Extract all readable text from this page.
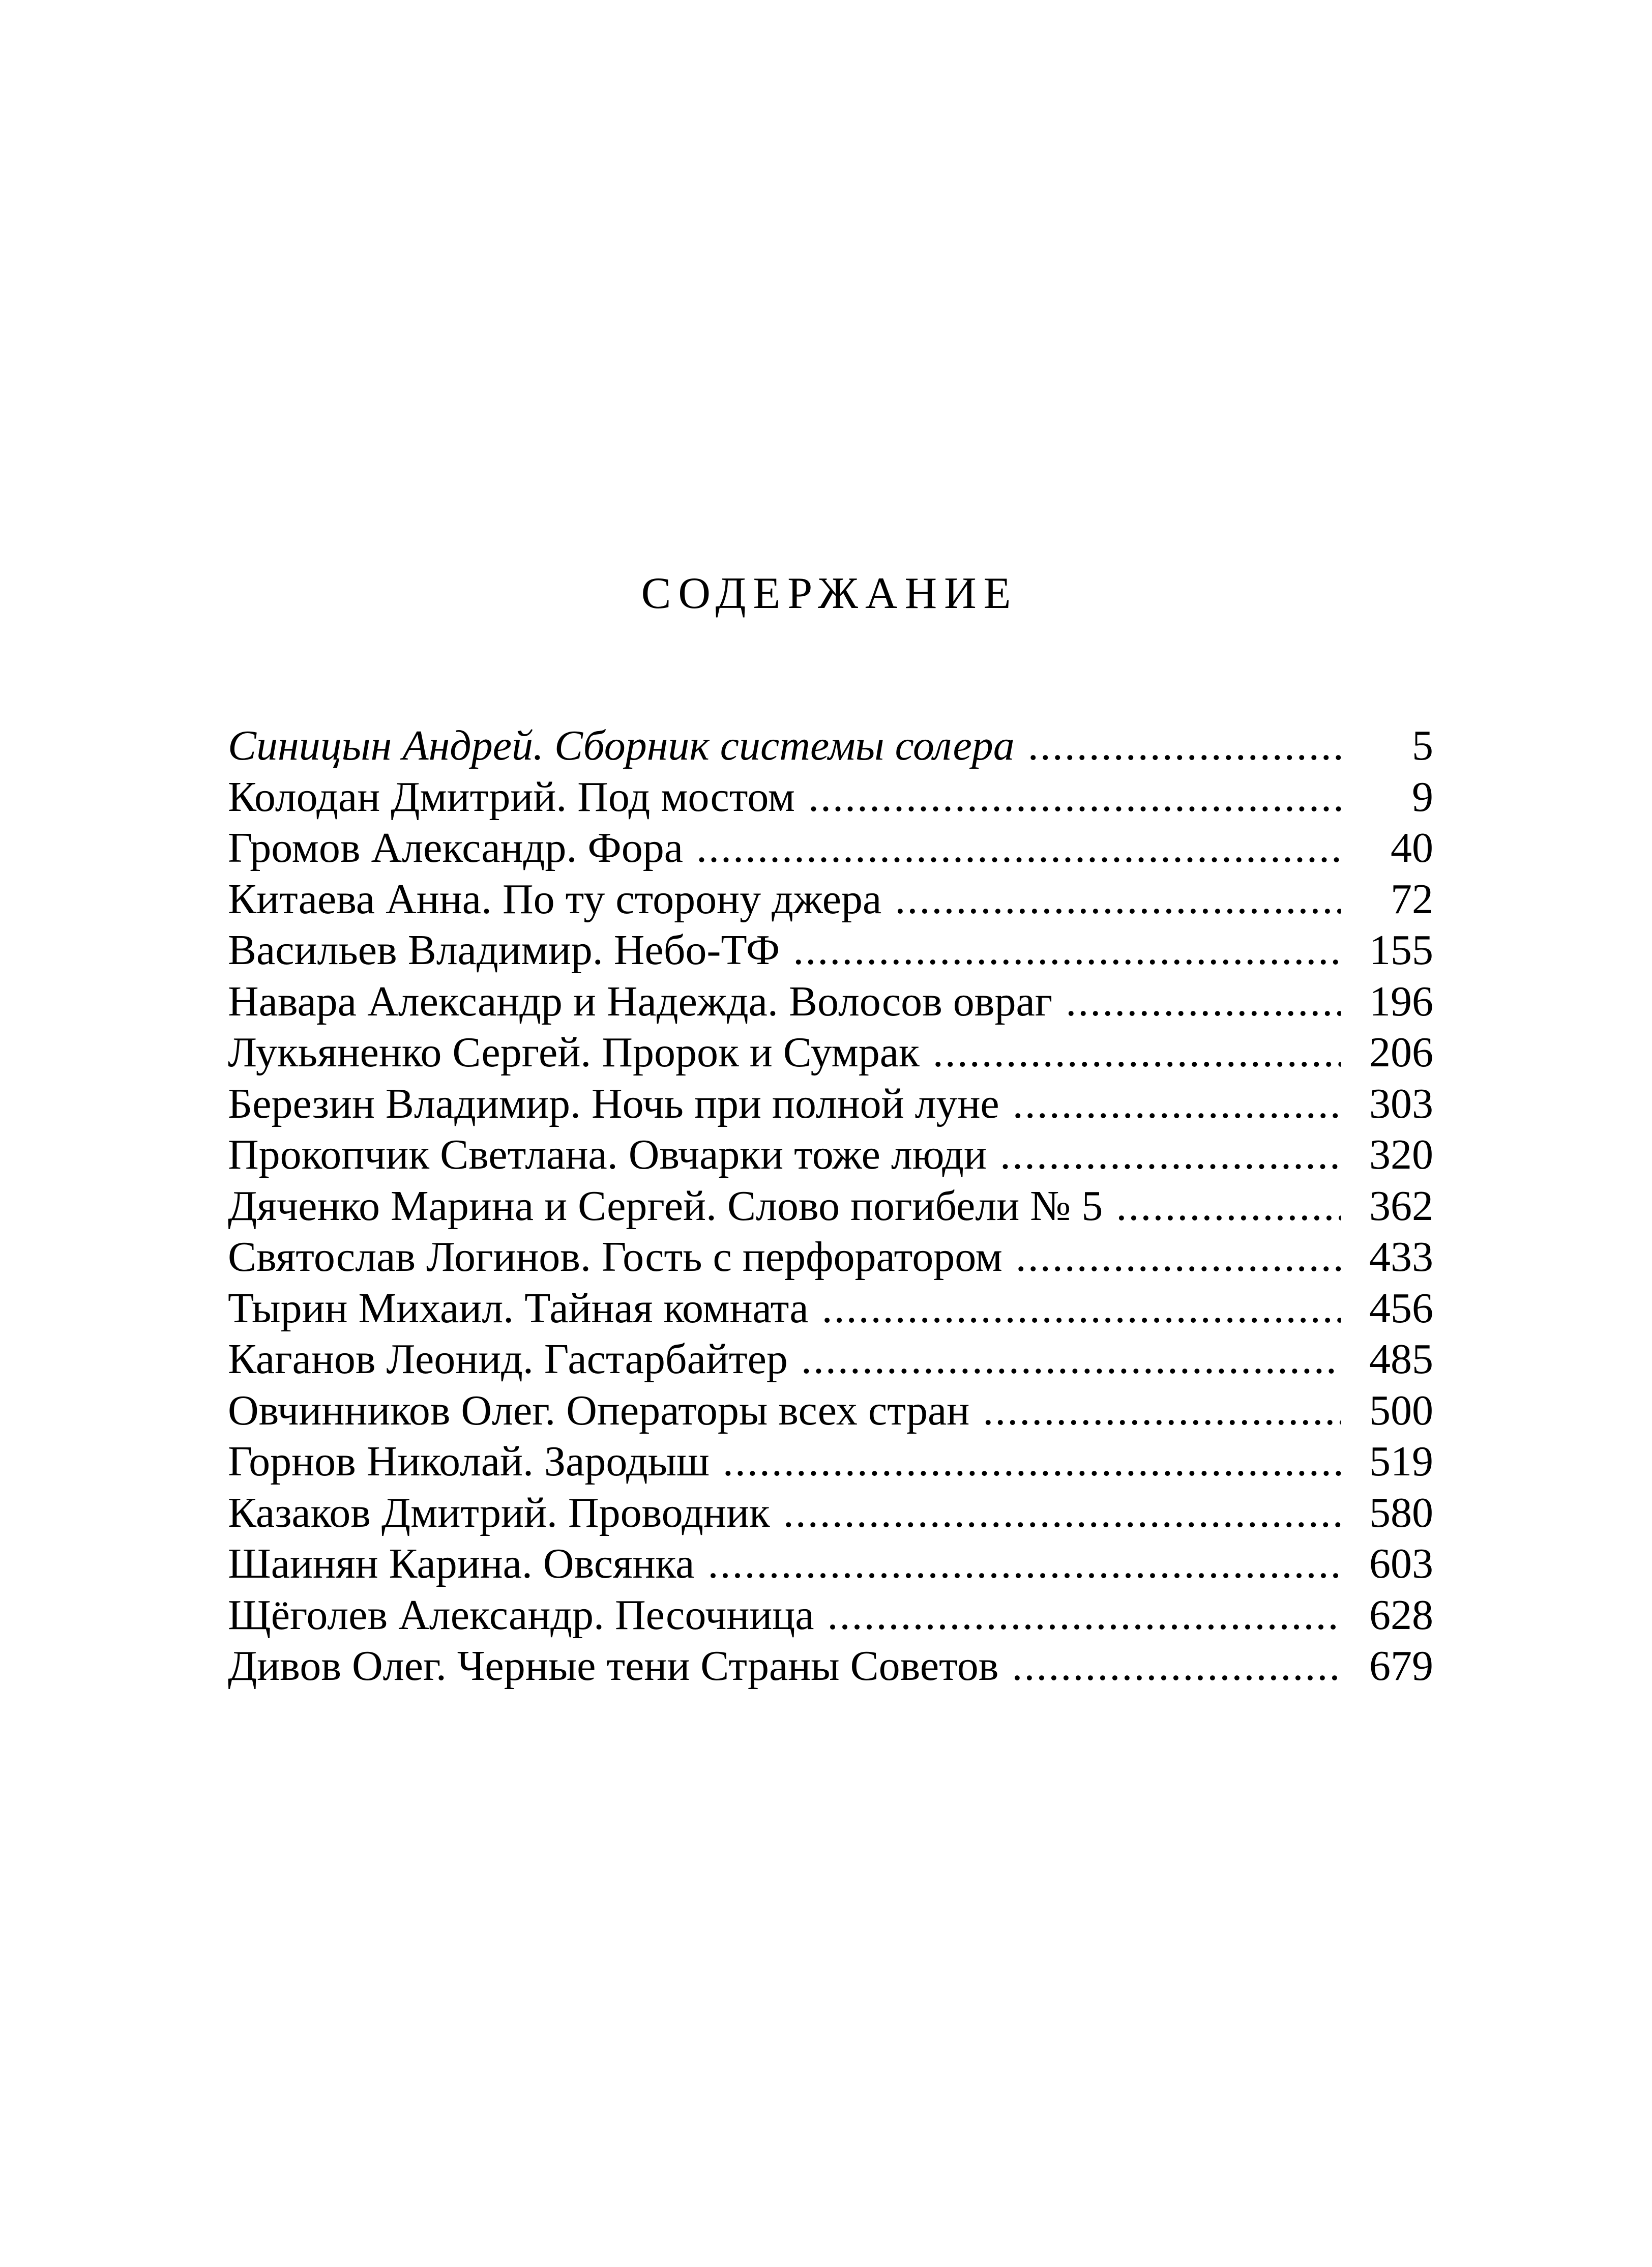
СОДЕРЖАНИЕ
Синицын Андрей. Сборник системы солера .....	5
Колодан Дмитрий. Под мостом .....	9
Громов Александр. Фора .....	40
Китаева Анна. По ту сторону джера .....	72
Васильев Владимир. Небо-ТФ .....	155
Навара Александр и Надежда. Волосов овраг .....	196
Лукьяненко Сергей. Пророк и Сумрак .....	206
Березин Владимир. Ночь при полной луне .....	303
Прокопчик Светлана. Овчарки тоже люди .....	320
Дяченко Марина и Сергей. Слово погибели № 5 .....	362
Святослав Логинов. Гость с перфоратором .....	433
Тырин Михаил. Тайная комната .....	456
Каганов Леонид. Гастарбайтер .....	485
Овчинников Олег. Операторы всех стран .....	500
Горнов Николай. Зародыш .....	519
Казаков Дмитрий. Проводник .....	580
Шаинян Карина. Овсянка .....	603
Щёголев Александр. Песочница .....	628
Дивов Олег. Черные тени Страны Советов .....	679
